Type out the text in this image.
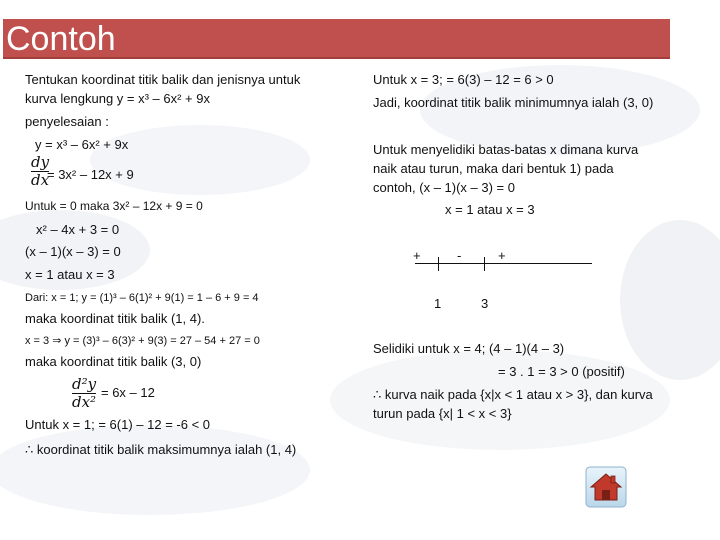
Contoh
Tentukan koordinat titik balik dan jenisnya untuk
kurva lengkung y = x³ – 6x² + 9x
penyelesaian :
y = x³ – 6x² + 9x
dy
dx
= 3x² – 12x + 9
Untuk = 0 maka 3x² – 12x + 9 = 0
x² – 4x + 3 = 0
(x – 1)(x – 3) = 0
x = 1 atau x = 3
Dari: x = 1; y = (1)³ – 6(1)² + 9(1) = 1 – 6 + 9 = 4
maka koordinat titik balik (1, 4).
x = 3 ⇒ y = (3)³ – 6(3)² + 9(3) = 27 – 54 + 27 = 0
maka koordinat titik balik (3, 0)
d²y
dx²
= 6x – 12
Untuk x = 1; = 6(1) – 12 = -6 < 0
∴ koordinat titik balik maksimumnya ialah (1, 4)
Untuk x = 3; = 6(3) – 12 = 6 > 0
Jadi, koordinat titik balik minimumnya ialah (3, 0)
Untuk menyelidiki batas-batas x dimana kurva
naik atau turun, maka dari bentuk 1) pada
contoh, (x – 1)(x – 3) = 0
x = 1 atau x = 3
+	-	+
1	3
Selidiki untuk x = 4; (4 – 1)(4 – 3)
= 3 . 1 = 3 > 0 (positif)
∴ kurva naik pada {x|x < 1 atau x > 3}, dan kurva
turun pada {x| 1 < x < 3}
